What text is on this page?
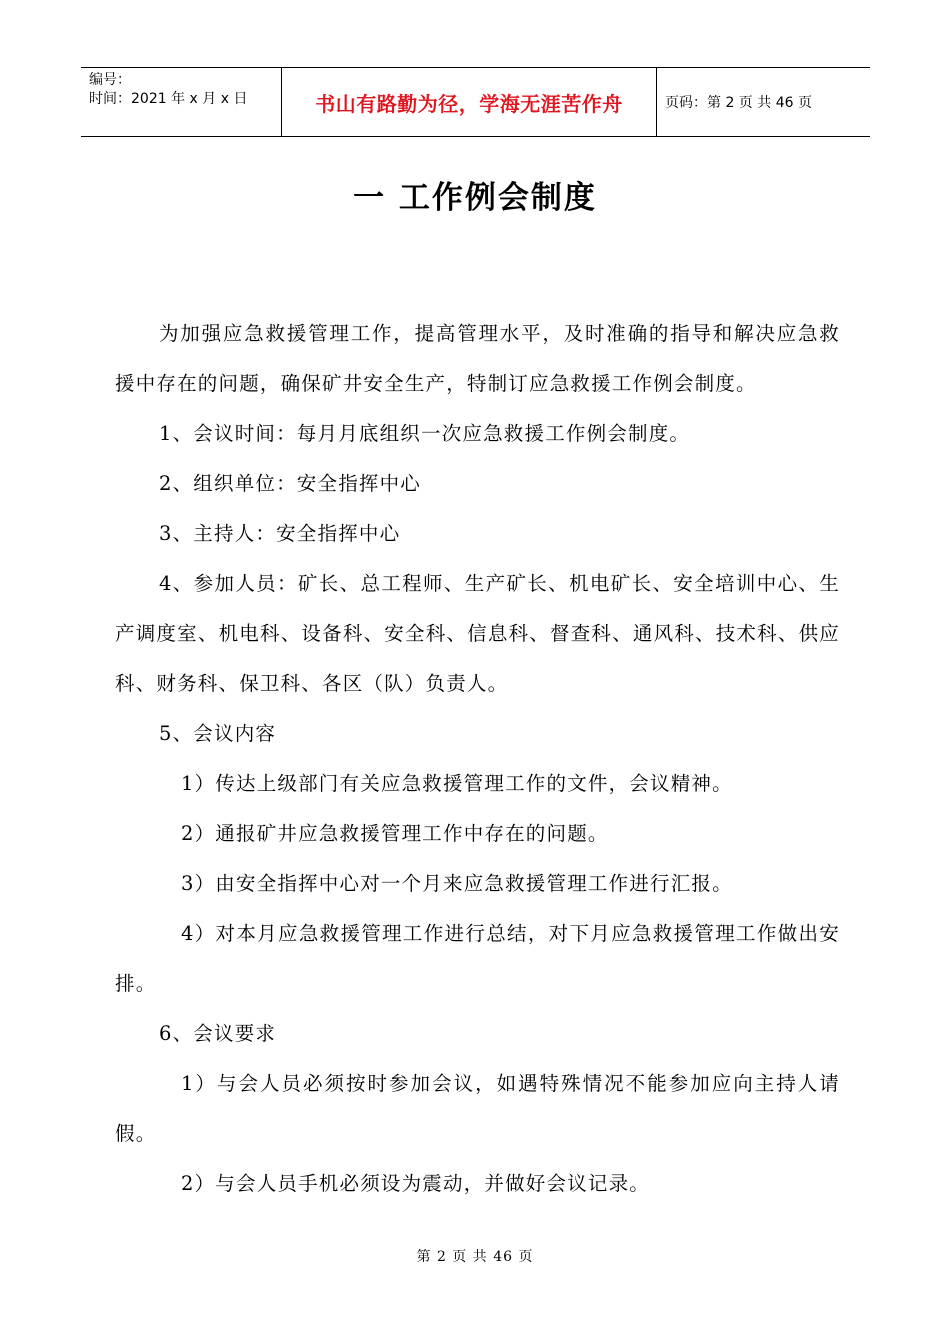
编号：
时间：2021 年 x 月 x 日	书山有路勤为径，学海无涯苦作舟	页码：第 2 页 共 46 页
一 工作例会制度

为加强应急救援管理工作，提高管理水平，及时准确的指导和解决应急救援中存在的问题，确保矿井安全生产，特制订应急救援工作例会制度。

1、会议时间：每月月底组织一次应急救援工作例会制度。

2、组织单位：安全指挥中心

3、主持人：安全指挥中心

4、参加人员：矿长、总工程师、生产矿长、机电矿长、安全培训中心、生产调度室、机电科、设备科、安全科、信息科、督查科、通风科、技术科、供应科、财务科、保卫科、各区（队）负责人。

5、会议内容

1）传达上级部门有关应急救援管理工作的文件，会议精神。

2）通报矿井应急救援管理工作中存在的问题。

3）由安全指挥中心对一个月来应急救援管理工作进行汇报。

4）对本月应急救援管理工作进行总结，对下月应急救援管理工作做出安排。

6、会议要求

1）与会人员必须按时参加会议，如遇特殊情况不能参加应向主持人请假。

2）与会人员手机必须设为震动，并做好会议记录。

第 2 页 共 46 页
